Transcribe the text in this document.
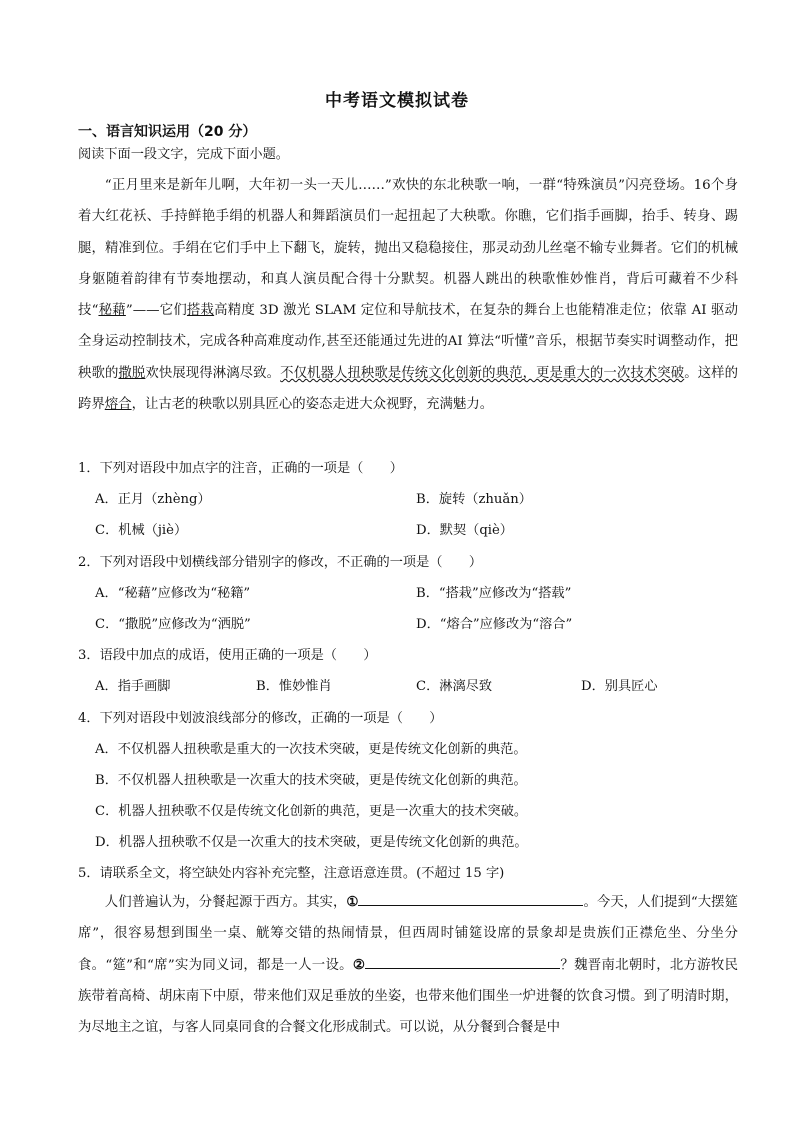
中考语文模拟试卷
一、语言知识运用（20 分）
阅读下面一段文字，完成下面小题。

“正月里来是新年儿啊，大年初一头一天儿……”欢快的东北秧歌一响，一群“特殊演员”闪亮登场。16个身着大红花袄、手持鲜艳手绢的机器人和舞蹈演员们一起扭起了大秧歌。你瞧，它们指手画脚，抬手、转身、踢腿，精准到位。手绢在它们手中上下翻飞，旋转，抛出又稳稳接住，那灵动劲儿丝毫不输专业舞者。它们的机械身躯随着韵律有节奏地摆动，和真人演员配合得十分默契。机器人跳出的秧歌惟妙惟肖，背后可藏着不少科技“秘藉”——它们搭栽高精度 3D 激光 SLAM 定位和导航技术，在复杂的舞台上也能精准走位；依靠 AI 驱动全身运动控制技术，完成各种高难度动作,甚至还能通过先进的AI 算法“听懂”音乐，根据节奏实时调整动作，把秧歌的撒脱欢快展现得淋漓尽致。不仅机器人扭秧歌是传统文化创新的典范，更是重大的一次技术突破。这样的跨界熔合，让古老的秧歌以别具匠心的姿态走进大众视野，充满魅力。

1．下列对语段中加点字的注音，正确的一项是（　　）
A．正月（zhèng）	B．旋转（zhuǎn）
C．机械（jiè）	D．默契（qiè）
2．下列对语段中划横线部分错别字的修改，不正确的一项是（　　）
A．“秘藉”应修改为“秘籍”	B．“搭栽”应修改为“搭载”
C．“撒脱”应修改为“洒脱”	D．“熔合”应修改为“溶合”
3．语段中加点的成语，使用正确的一项是（　　）
A．指手画脚	B．惟妙惟肖	C．淋漓尽致	D．别具匠心
4．下列对语段中划波浪线部分的修改，正确的一项是（　　）
A．不仅机器人扭秧歌是重大的一次技术突破，更是传统文化创新的典范。
B．不仅机器人扭秧歌是一次重大的技术突破，更是传统文化创新的典范。
C．机器人扭秧歌不仅是传统文化创新的典范，更是一次重大的技术突破。
D．机器人扭秧歌不仅是一次重大的技术突破，更是传统文化创新的典范。
5．请联系全文，将空缺处内容补充完整，注意语意连贯。(不超过 15 字)

人们普遍认为，分餐起源于西方。其实，①	。今天，人们提到“大摆筵席”，很容易想到围坐一桌、觥筹交错的热闹情景，但西周时铺筵设席的景象却是贵族们正襟危坐、分坐分食。“筵”和“席”实为同义词，都是一人一设。②	？魏晋南北朝时，北方游牧民族带着高椅、胡床南下中原，带来他们双足垂放的坐姿，也带来他们围坐一炉进餐的饮食习惯。到了明清时期，为尽地主之谊，与客人同桌同食的合餐文化形成制式。可以说，从分餐到合餐是中
